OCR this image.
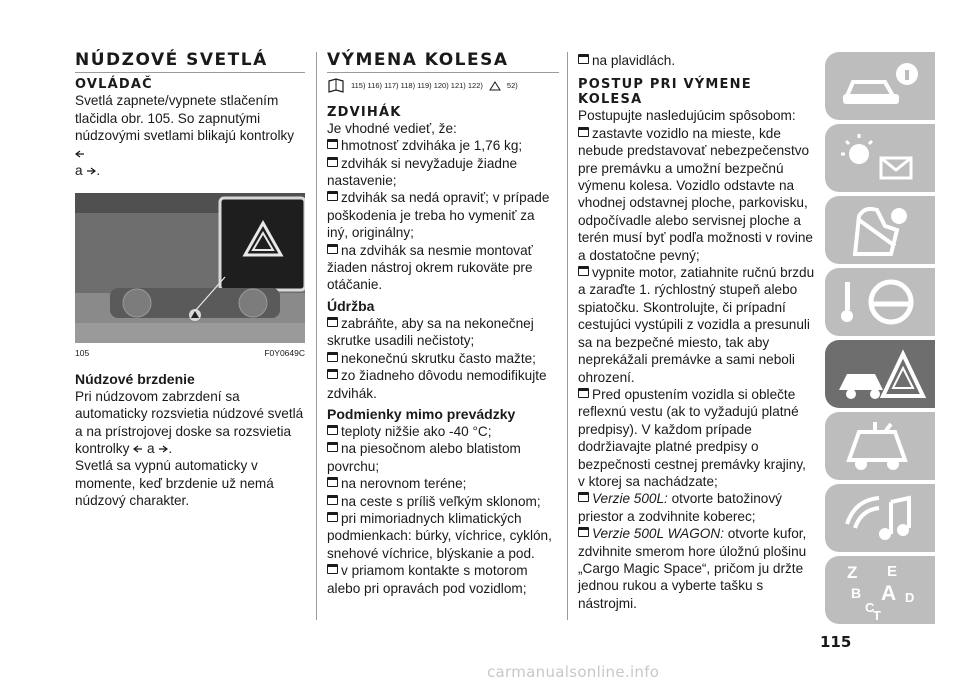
NÚDZOVÉ SVETLÁ
OVLÁDAČ

Svetlá zapnete/vypnete stlačením tlačidla obr. 105. So zapnutými núdzovými svetlami blikajú kontrolky
a .

105	F0Y0649C
Núdzové brzdenie

Pri núdzovom zabrzdení sa automaticky rozsvietia núdzové svetlá a na prístrojovej doske sa rozsvietia kontrolky a .

Svetlá sa vypnú automaticky v momente, keď brzdenie už nemá núdzový charakter.

VÝMENA KOLESA
115) 116) 117) 118) 119) 120) 121) 122)	52)
ZDVIHÁK

Je vhodné vedieť, že:

hmotnosť zdviháka je 1,76 kg;

zdvihák si nevyžaduje žiadne nastavenie;

zdvihák sa nedá opraviť; v prípade poškodenia je treba ho vymeniť za iný, originálny;

na zdvihák sa nesmie montovať žiaden nástroj okrem rukoväte pre otáčanie.

Údržba

zabráňte, aby sa na nekonečnej skrutke usadili nečistoty;

nekonečnú skrutku často mažte;

zo žiadneho dôvodu nemodifikujte zdvihák.

Podmienky mimo prevádzky

teploty nižšie ako -40 °C;

na piesočnom alebo blatistom povrchu;

na nerovnom teréne;

na ceste s príliš veľkým sklonom;

pri mimoriadnych klimatických podmienkach: búrky, víchrice, cyklón, snehové víchrice, blýskanie a pod.

v priamom kontakte s motorom alebo pri opravách pod vozidlom;

na plavidlách.

POSTUP PRI VÝMENE KOLESA

Postupujte nasledujúcim spôsobom:

zastavte vozidlo na mieste, kde nebude predstavovať nebezpečenstvo pre premávku a umožní bezpečnú výmenu kolesa. Vozidlo odstavte na vhodnej odstavnej ploche, parkovisku, odpočívadle alebo servisnej ploche a terén musí byť podľa možnosti v rovine a dostatočne pevný;

vypnite motor, zatiahnite ručnú brzdu a zaraďte 1. rýchlostný stupeň alebo spiatočku. Skontrolujte, či prípadní cestujúci vystúpili z vozidla a presunuli sa na bezpečné miesto, tak aby neprekážali premávke a sami neboli ohrození.

Pred opustením vozidla si oblečte reflexnú vestu (ak to vyžadujú platné predpisy). V každom prípade dodržiavajte platné predpisy o bezpečnosti cestnej premávky krajiny, v ktorej sa nachádzate;

Verzie 500L: otvorte batožinový priestor a zodvihnite koberec;

Verzie 500L WAGON: otvorte kufor, zdvihnite smerom hore úložnú plošinu „Cargo Magic Space“, pričom ju držte jednou rukou a vyberte tašku s nástrojmi.

Z E
B A
C
T
D
115
carmanualsonline.info
